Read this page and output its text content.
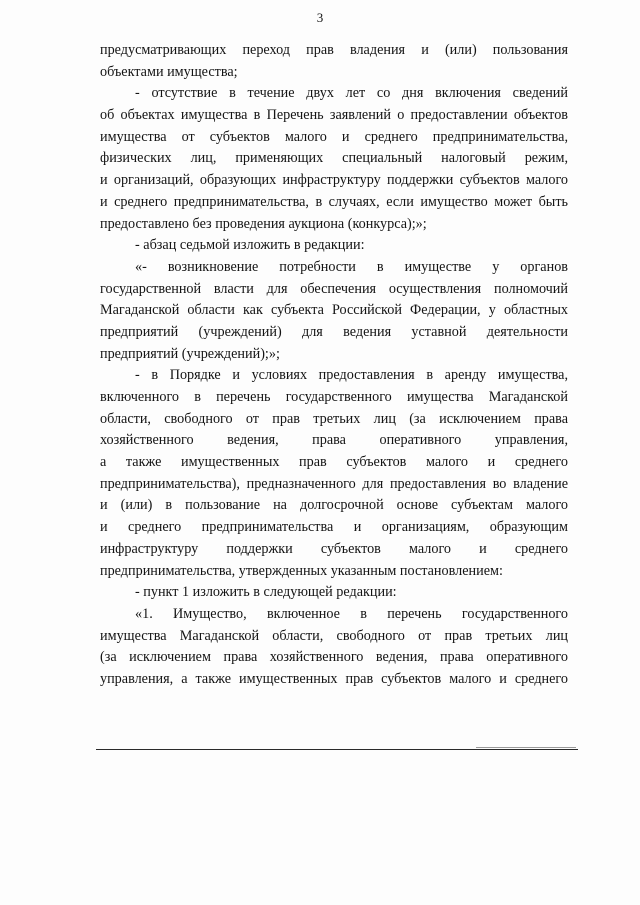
3
предусматривающих переход прав владения и (или) пользования
объектами имущества;
- отсутствие в течение двух лет со дня включения сведений
об объектах имущества в Перечень заявлений о предоставлении объектов
имущества от субъектов малого и среднего предпринимательства,
физических лиц, применяющих специальный налоговый режим,
и организаций, образующих инфраструктуру поддержки субъектов малого
и среднего предпринимательства, в случаях, если имущество может быть
предоставлено без проведения аукциона (конкурса);»;
- абзац седьмой изложить в редакции:
«- возникновение потребности в имуществе у органов
государственной власти для обеспечения осуществления полномочий
Магаданской области как субъекта Российской Федерации, у областных
предприятий (учреждений) для ведения уставной деятельности
предприятий (учреждений);»;
- в Порядке и условиях предоставления в аренду имущества,
включенного в перечень государственного имущества Магаданской
области, свободного от прав третьих лиц (за исключением права
хозяйственного ведения, права оперативного управления,
а также имущественных прав субъектов малого и среднего
предпринимательства), предназначенного для предоставления во владение
и (или) в пользование на долгосрочной основе субъектам малого
и среднего предпринимательства и организациям, образующим
инфраструктуру поддержки субъектов малого и среднего
предпринимательства, утвержденных указанным постановлением:
- пункт 1 изложить в следующей редакции:
«1. Имущество, включенное в перечень государственного
имущества Магаданской области, свободного от прав третьих лиц
(за исключением права хозяйственного ведения, права оперативного
управления, а также имущественных прав субъектов малого и среднего
